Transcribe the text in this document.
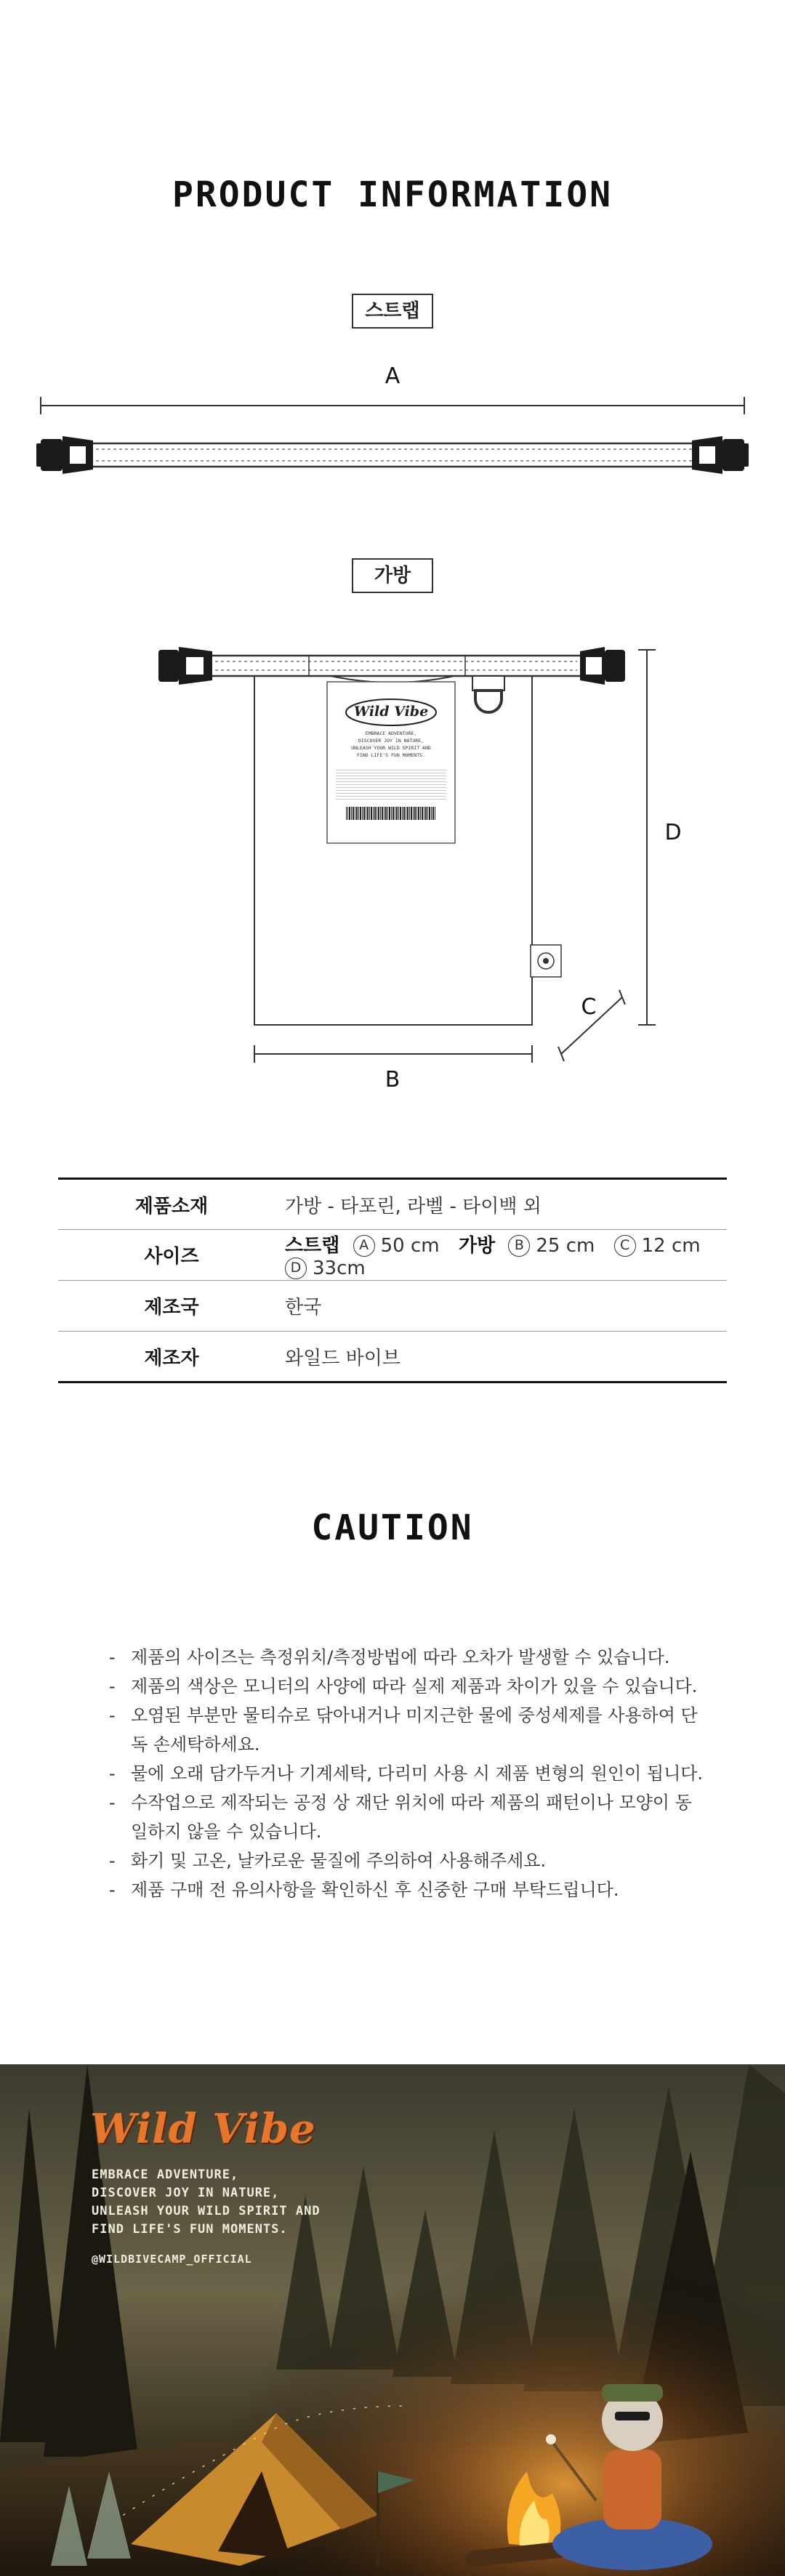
PRODUCT INFORMATION
스트랩
A
가방
Wild Vibe
EMBRACE ADVENTURE,
DISCOVER JOY IN NATURE,
UNLEASH YOUR WILD SPIRIT AND
FIND LIFE'S FUN MOMENTS.
B
C
D
제품소재	가방 - 타포린, 라벨 - 타이백 외
사이즈	스트랩 A 50 cm 가방 B 25 cm C 12 cm D 33cm
제조국	한국
제조자	와일드 바이브
CAUTION
- 제품의 사이즈는 측정위치/측정방법에 따라 오차가 발생할 수 있습니다.
- 제품의 색상은 모니터의 사양에 따라 실제 제품과 차이가 있을 수 있습니다.
- 오염된 부분만 물티슈로 닦아내거나 미지근한 물에 중성세제를 사용하여 단독 손세탁하세요.
- 물에 오래 담가두거나 기계세탁, 다리미 사용 시 제품 변형의 원인이 됩니다.
- 수작업으로 제작되는 공정 상 재단 위치에 따라 제품의 패턴이나 모양이 동일하지 않을 수 있습니다.
- 화기 및 고온, 날카로운 물질에 주의하여 사용해주세요.
- 제품 구매 전 유의사항을 확인하신 후 신중한 구매 부탁드립니다.
Wild Vibe
EMBRACE ADVENTURE,
DISCOVER JOY IN NATURE,
UNLEASH YOUR WILD SPIRIT AND
FIND LIFE'S FUN MOMENTS.
@WILDBIVECAMP_OFFICIAL
